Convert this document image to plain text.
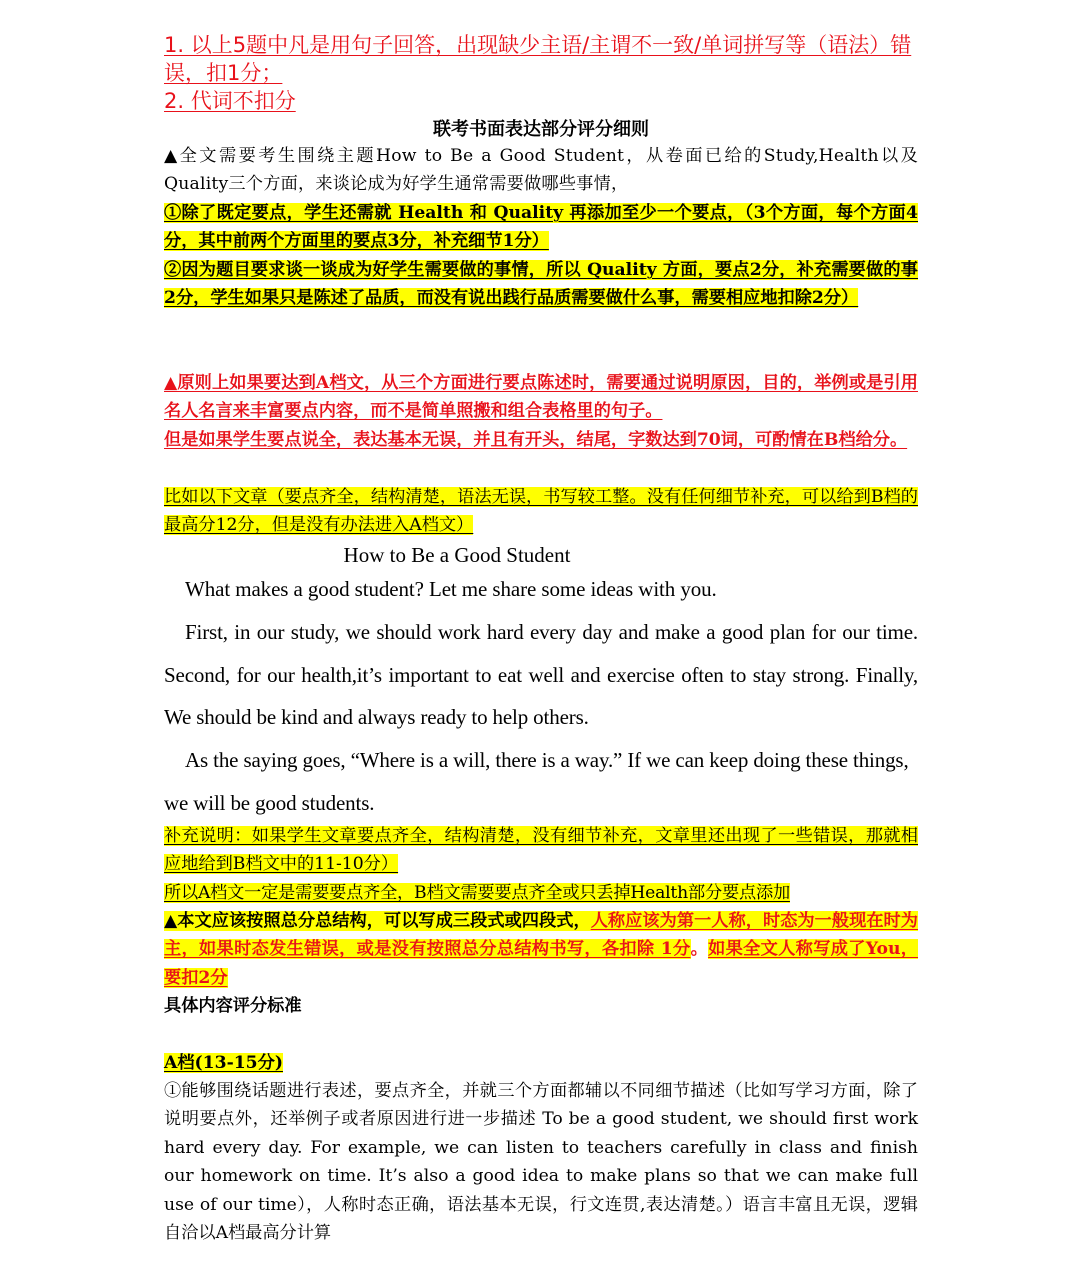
1. 以上5题中凡是用句子回答，出现缺少主语/主谓不一致/单词拼写等（语法）错误，扣1分；

2. 代词不扣分

联考书面表达部分评分细则

▲全文需要考生围绕主题How to Be a Good Student，从卷面已给的Study,Health以及Quality三个方面，来谈论成为好学生通常需要做哪些事情，

①除了既定要点，学生还需就 Health 和 Quality 再添加至少一个要点，（3个方面，每个方面4分，其中前两个方面里的要点3分，补充细节1分）

②因为题目要求谈一谈成为好学生需要做的事情，所以 Quality 方面，要点2分，补充需要做的事2分，学生如果只是陈述了品质，而没有说出践行品质需要做什么事，需要相应地扣除2分）

▲原则上如果要达到A档文，从三个方面进行要点陈述时，需要通过说明原因，目的，举例或是引用名人名言来丰富要点内容，而不是简单照搬和组合表格里的句子。

但是如果学生要点说全，表达基本无误，并且有开头，结尾，字数达到70词，可酌情在B档给分。

比如以下文章（要点齐全，结构清楚，语法无误，书写较工整。没有任何细节补充，可以给到B档的最高分12分，但是没有办法进入A档文）

How to Be a Good Student

What makes a good student? Let me share some ideas with you.

First, in our study, we should work hard every day and make a good plan for our time. Second, for our health,it’s important to eat well and exercise often to stay strong. Finally, We should be kind and always ready to help others.

As the saying goes, “Where is a will, there is a way.” If we can keep doing these things, we will be good students.

补充说明：如果学生文章要点齐全，结构清楚，没有细节补充，文章里还出现了一些错误，那就相应地给到B档文中的11-10分）

所以A档文一定是需要要点齐全，B档文需要要点齐全或只丢掉Health部分要点添加

▲本文应该按照总分总结构，可以写成三段式或四段式，人称应该为第一人称，时态为一般现在时为主，如果时态发生错误，或是没有按照总分总结构书写，各扣除 1分。如果全文人称写成了You，要扣2分

具体内容评分标准

A档(13-15分)

①能够围绕话题进行表述，要点齐全，并就三个方面都辅以不同细节描述（比如写学习方面，除了说明要点外，还举例子或者原因进行进一步描述 To be a good student, we should first work hard every day. For example, we can listen to teachers carefully in class and finish our homework on time. It’s also a good idea to make plans so that we can make full use of our time），人称时态正确，语法基本无误，行文连贯,表达清楚。）语言丰富且无误，逻辑自洽以A档最高分计算
